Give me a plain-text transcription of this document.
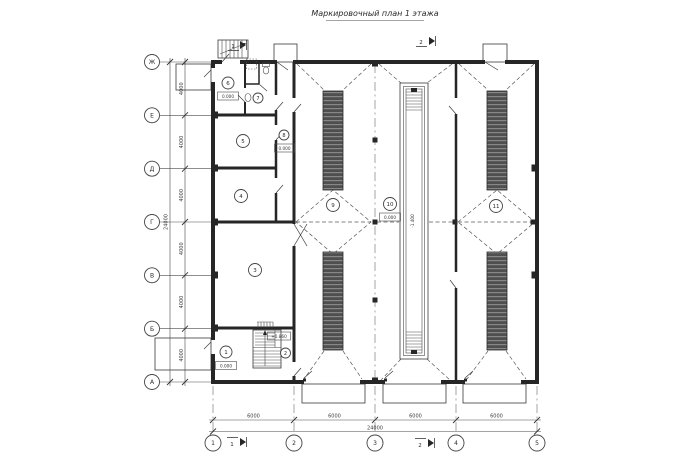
Маркировочный план 1 этажа
4000
4000
4000
4000
4000
4000
24000
Ж
Е
Д
Г
В
Б
А
6000	6000	6000	6000
24000
1	2	3	4	5
1
2
1	2
1
0.000
2
+0.860
3
4
5
6
0.000	7
8
0.000
9	10
0.000
11
-1.400
